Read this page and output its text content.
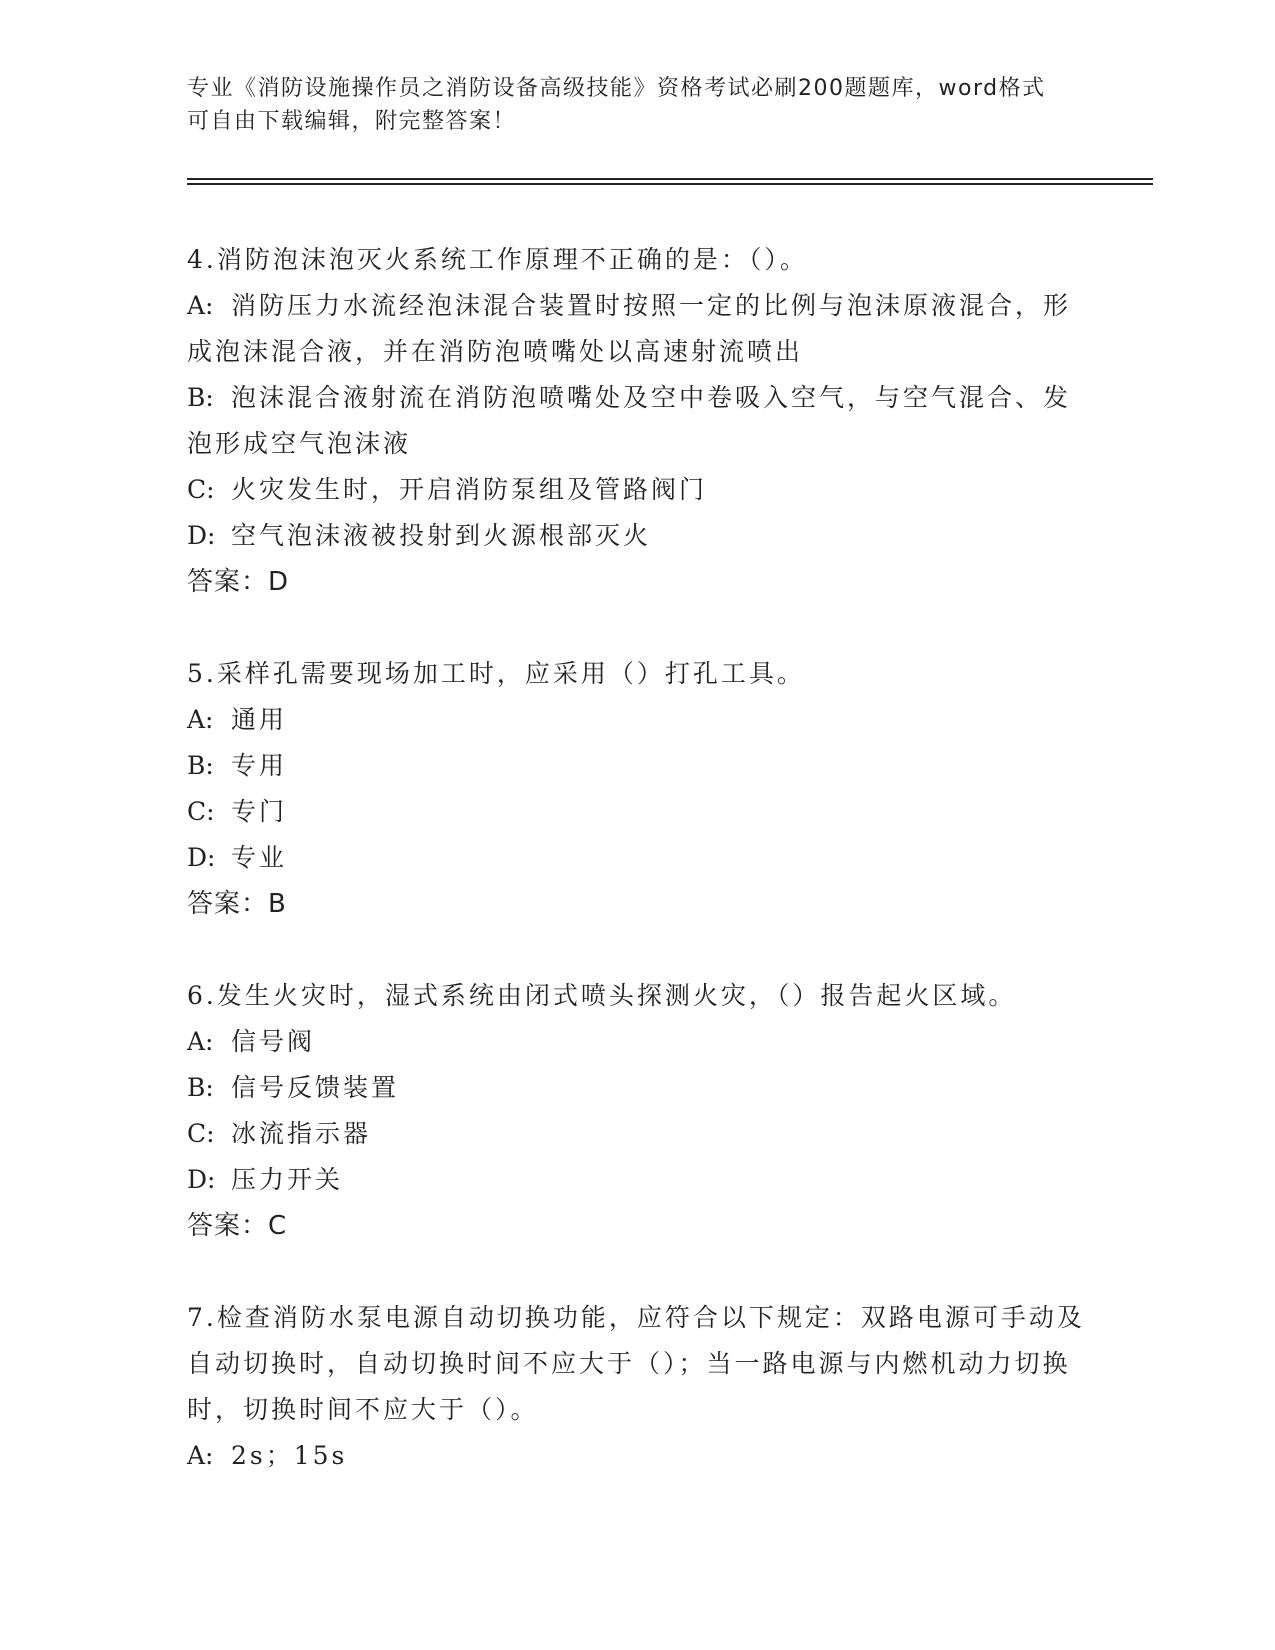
专业《消防设施操作员之消防设备高级技能》资格考试必刷200题题库，word格式可自由下载编辑，附完整答案！
4.消防泡沫泡灭火系统工作原理不正确的是：（）。
A: 消防压力水流经泡沫混合装置时按照一定的比例与泡沫原液混合，形成泡沫混合液，并在消防泡喷嘴处以高速射流喷出
B: 泡沫混合液射流在消防泡喷嘴处及空中卷吸入空气，与空气混合、发泡形成空气泡沫液
C: 火灾发生时，开启消防泵组及管路阀门
D: 空气泡沫液被投射到火源根部灭火
答案：D
5.采样孔需要现场加工时，应采用（）打孔工具。
A: 通用
B: 专用
C: 专门
D: 专业
答案：B
6.发生火灾时，湿式系统由闭式喷头探测火灾，（）报告起火区域。
A: 信号阀
B: 信号反馈装置
C: 冰流指示器
D: 压力开关
答案：C
7.检查消防水泵电源自动切换功能，应符合以下规定：双路电源可手动及自动切换时，自动切换时间不应大于（）；当一路电源与内燃机动力切换时，切换时间不应大于（）。
A: 2s；15s
